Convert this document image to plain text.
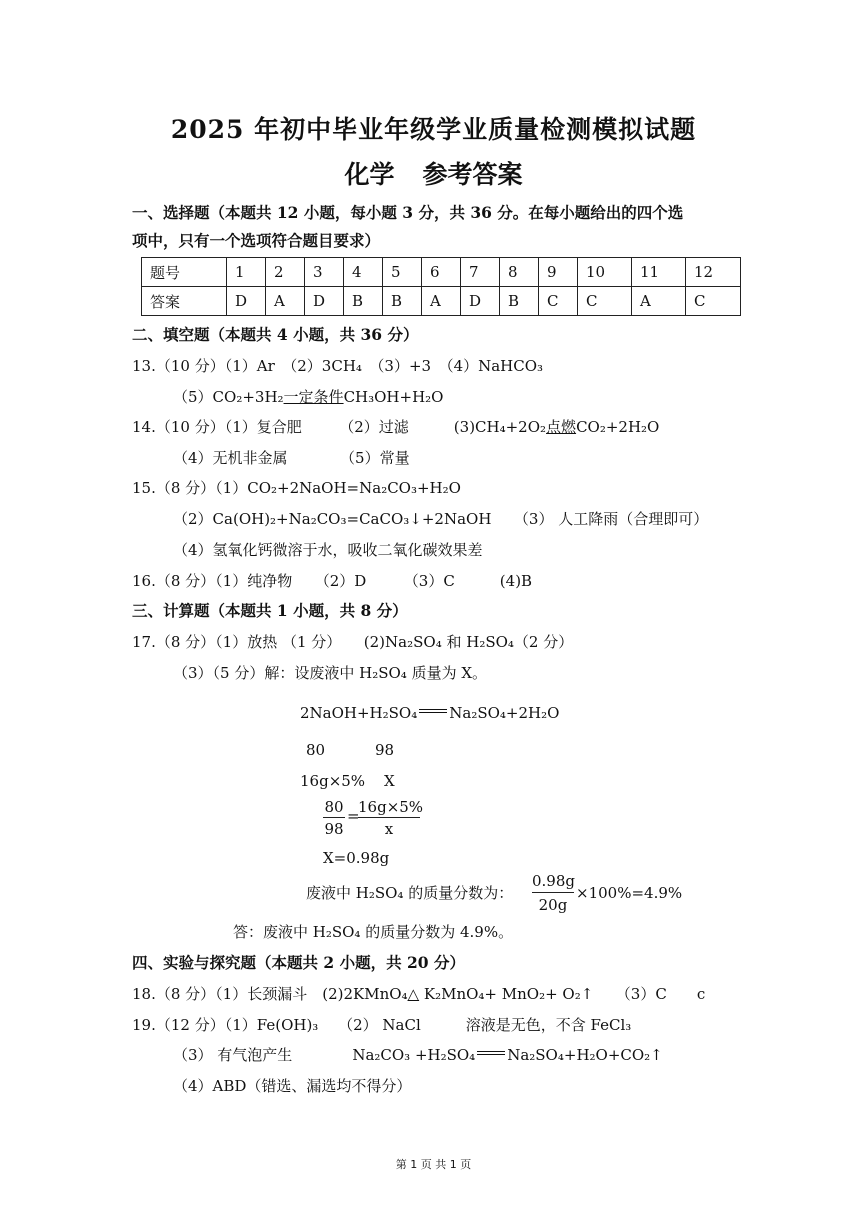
2025 年初中毕业年级学业质量检测模拟试题
化学 参考答案
一、选择题（本题共 12 小题，每小题 3 分，共 36 分。在每小题给出的四个选
项中，只有一个选项符合题目要求）
题号	1	2	3	4	5	6	7	8	9	10	11	12
答案	D	A	D	B	B	A	D	B	C	C	A	C
二、填空题（本题共 4 小题，共 36 分）
13.（10 分）（1）Ar　（2）3CH₄　（3）+3　（4）NaHCO₃
（5）CO₂+3H₂一定条件CH₃OH+H₂O
14.（10 分）（1）复合肥　　　（2）过滤　　　(3)CH₄+2O₂点燃CO₂+2H₂O
（4）无机非金属　　　　（5）常量
15.（8 分）（1）CO₂+2NaOH=Na₂CO₃+H₂O
（2）Ca(OH)₂+Na₂CO₃=CaCO₃↓+2NaOH　　（3） 人工降雨（合理即可）
（4）氢氧化钙微溶于水，吸收二氧化碳效果差
16.（8 分）（1）纯净物　　（2）D　　　（3）C　　　(4)B
三、计算题（本题共 1 小题，共 8 分）
17.（8 分）（1）放热 （1 分）　　(2)Na₂SO₄ 和 H₂SO₄（2 分）
（3）（5 分）解：设废液中 H₂SO₄ 质量为 X。
2NaOH+H₂SO₄ Na₂SO₄+2H₂O
80	98
16g×5% X
80
98
=
16g×5%
x
X=0.98g
废液中 H₂SO₄ 的质量分数为：
0.98g
20g
×100%=4.9%
答：废液中 H₂SO₄ 的质量分数为 4.9%。
四、实验与探究题（本题共 2 小题，共 20 分）
18.（8 分）（1）长颈漏斗　(2)2KMnO₄△ K₂MnO₄+ MnO₂+ O₂↑　　（3）C　　c
19.（12 分）（1）Fe(OH)₃　 （2） NaCl　　　溶液是无色，不含 FeCl₃
（3） 有气泡产生　　　　Na₂CO₃ +H₂SO₄ Na₂SO₄+H₂O+CO₂↑
（4）ABD（错选、漏选均不得分）
第 1 页 共 1 页
